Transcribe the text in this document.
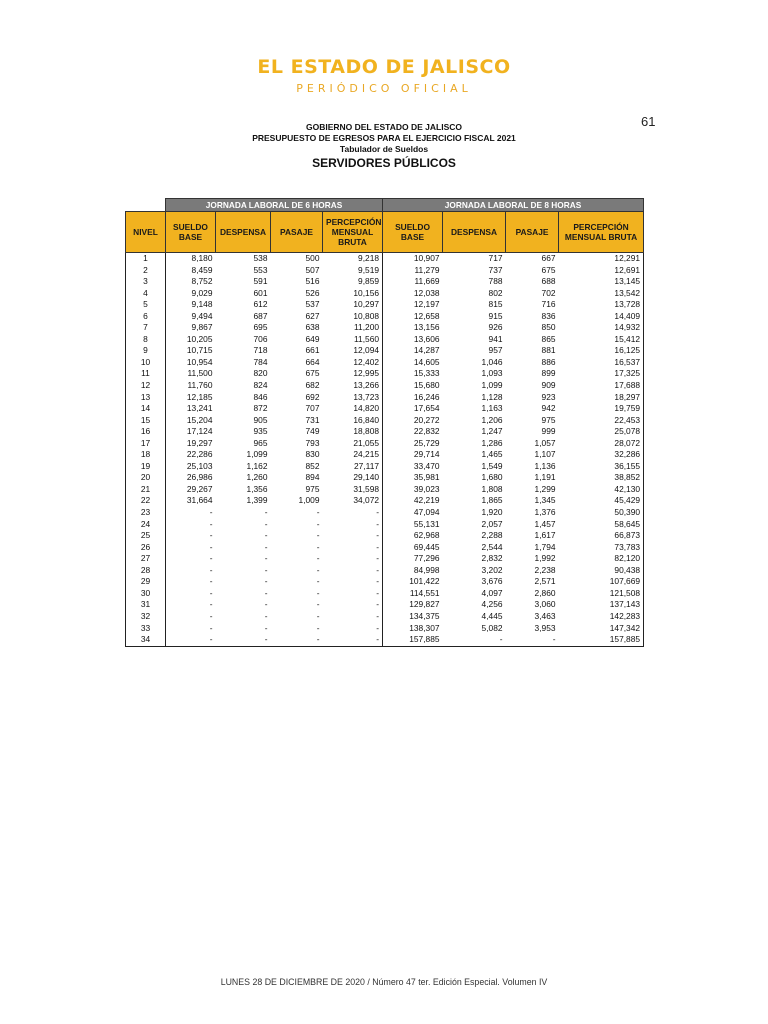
EL ESTADO DE JALISCO
PERIÓDICO OFICIAL
61
GOBIERNO DEL ESTADO DE JALISCO
PRESUPUESTO DE EGRESOS PARA EL EJERCICIO FISCAL 2021
Tabulador de Sueldos
SERVIDORES PÚBLICOS
	JORNADA LABORAL DE 6 HORAS				JORNADA LABORAL DE 8 HORAS			
NIVEL	SUELDO BASE	DESPENSA	PASAJE	PERCEPCIÓN MENSUAL BRUTA	SUELDO BASE	DESPENSA	PASAJE	PERCEPCIÓN MENSUAL BRUTA
1	8,180	538	500	9,218	10,907	717	667	12,291
2	8,459	553	507	9,519	11,279	737	675	12,691
3	8,752	591	516	9,859	11,669	788	688	13,145
4	9,029	601	526	10,156	12,038	802	702	13,542
5	9,148	612	537	10,297	12,197	815	716	13,728
6	9,494	687	627	10,808	12,658	915	836	14,409
7	9,867	695	638	11,200	13,156	926	850	14,932
8	10,205	706	649	11,560	13,606	941	865	15,412
9	10,715	718	661	12,094	14,287	957	881	16,125
10	10,954	784	664	12,402	14,605	1,046	886	16,537
11	11,500	820	675	12,995	15,333	1,093	899	17,325
12	11,760	824	682	13,266	15,680	1,099	909	17,688
13	12,185	846	692	13,723	16,246	1,128	923	18,297
14	13,241	872	707	14,820	17,654	1,163	942	19,759
15	15,204	905	731	16,840	20,272	1,206	975	22,453
16	17,124	935	749	18,808	22,832	1,247	999	25,078
17	19,297	965	793	21,055	25,729	1,286	1,057	28,072
18	22,286	1,099	830	24,215	29,714	1,465	1,107	32,286
19	25,103	1,162	852	27,117	33,470	1,549	1,136	36,155
20	26,986	1,260	894	29,140	35,981	1,680	1,191	38,852
21	29,267	1,356	975	31,598	39,023	1,808	1,299	42,130
22	31,664	1,399	1,009	34,072	42,219	1,865	1,345	45,429
23	-	-	-	-	47,094	1,920	1,376	50,390
24	-	-	-	-	55,131	2,057	1,457	58,645
25	-	-	-	-	62,968	2,288	1,617	66,873
26	-	-	-	-	69,445	2,544	1,794	73,783
27	-	-	-	-	77,296	2,832	1,992	82,120
28	-	-	-	-	84,998	3,202	2,238	90,438
29	-	-	-	-	101,422	3,676	2,571	107,669
30	-	-	-	-	114,551	4,097	2,860	121,508
31	-	-	-	-	129,827	4,256	3,060	137,143
32	-	-	-	-	134,375	4,445	3,463	142,283
33	-	-	-	-	138,307	5,082	3,953	147,342
34	-	-	-	-	157,885	-	-	157,885
LUNES 28 DE DICIEMBRE DE 2020 / Número 47 ter. Edición Especial. Volumen IV
